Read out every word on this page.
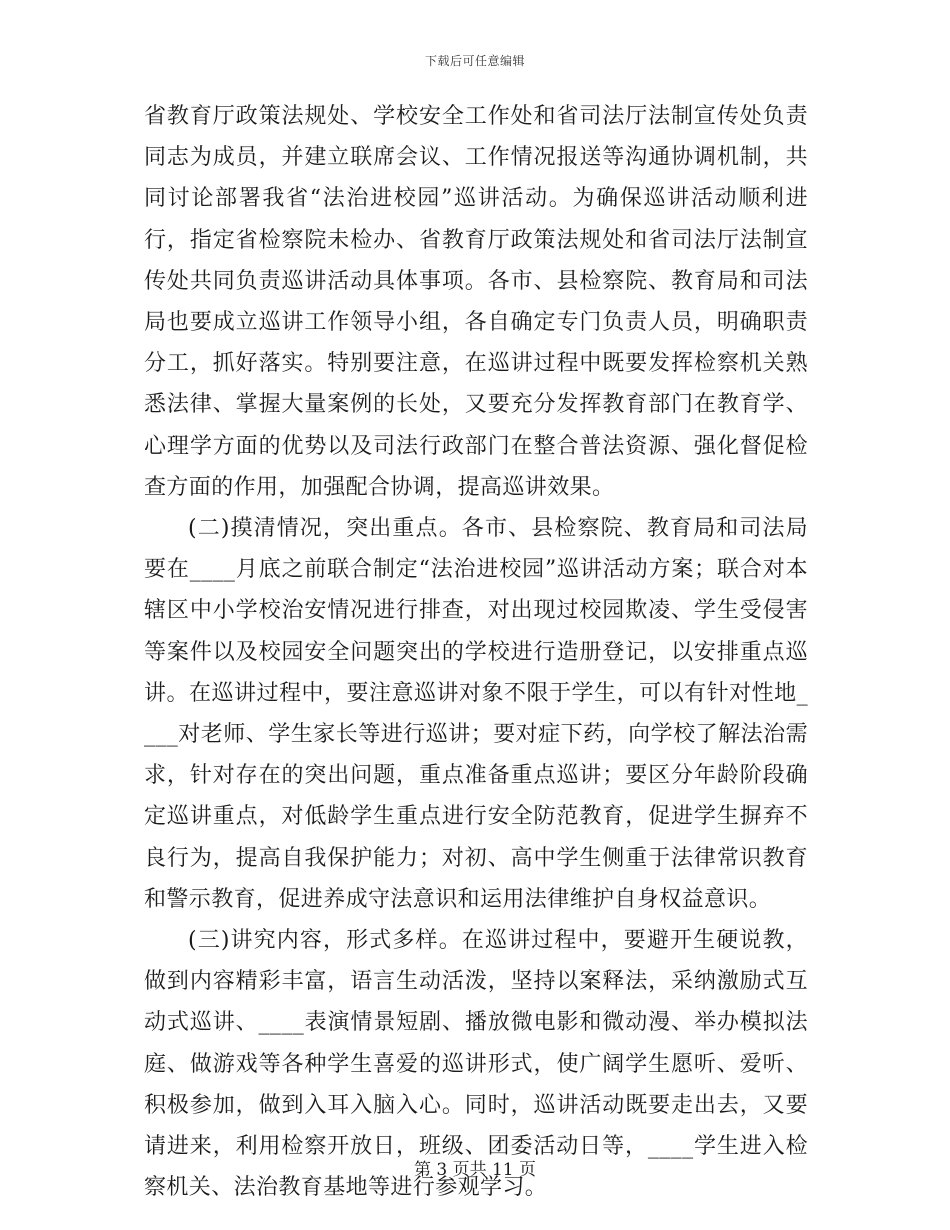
下载后可任意编辑

省教育厅政策法规处、学校安全工作处和省司法厅法制宣传处负责同志为成员，并建立联席会议、工作情况报送等沟通协调机制，共同讨论部署我省“法治进校园”巡讲活动。为确保巡讲活动顺利进行，指定省检察院未检办、省教育厅政策法规处和省司法厅法制宣传处共同负责巡讲活动具体事项。各市、县检察院、教育局和司法局也要成立巡讲工作领导小组，各自确定专门负责人员，明确职责分工，抓好落实。特别要注意，在巡讲过程中既要发挥检察机关熟悉法律、掌握大量案例的长处，又要充分发挥教育部门在教育学、心理学方面的优势以及司法行政部门在整合普法资源、强化督促检查方面的作用，加强配合协调，提高巡讲效果。

(二)摸清情况，突出重点。各市、县检察院、教育局和司法局要在____月底之前联合制定“法治进校园”巡讲活动方案；联合对本辖区中小学校治安情况进行排查，对出现过校园欺凌、学生受侵害等案件以及校园安全问题突出的学校进行造册登记，以安排重点巡讲。在巡讲过程中，要注意巡讲对象不限于学生，可以有针对性地____对老师、学生家长等进行巡讲；要对症下药，向学校了解法治需求，针对存在的突出问题，重点准备重点巡讲；要区分年龄阶段确定巡讲重点，对低龄学生重点进行安全防范教育，促进学生摒弃不良行为，提高自我保护能力；对初、高中学生侧重于法律常识教育和警示教育，促进养成守法意识和运用法律维护自身权益意识。

(三)讲究内容，形式多样。在巡讲过程中，要避开生硬说教，做到内容精彩丰富，语言生动活泼，坚持以案释法，采纳激励式互动式巡讲、____表演情景短剧、播放微电影和微动漫、举办模拟法庭、做游戏等各种学生喜爱的巡讲形式，使广阔学生愿听、爱听、积极参加，做到入耳入脑入心。同时，巡讲活动既要走出去，又要请进来，利用检察开放日，班级、团委活动日等，____学生进入检察机关、法治教育基地等进行参观学习。

第 3 页共 11 页
